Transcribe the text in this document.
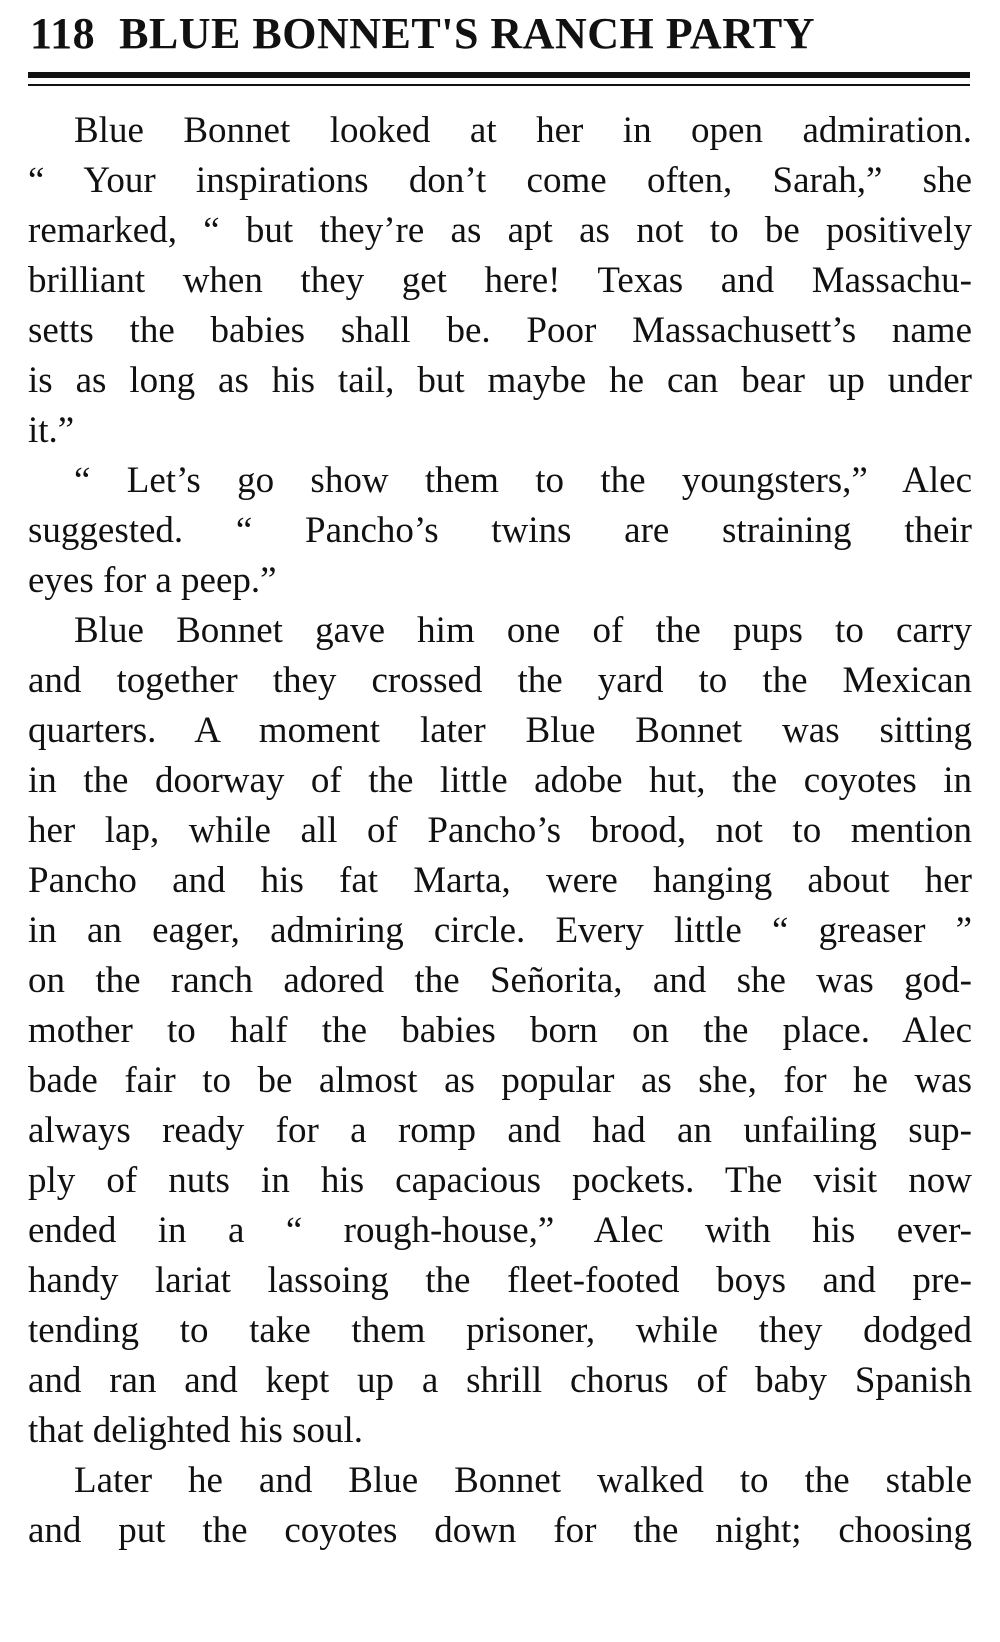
118 BLUE BONNET'S RANCH PARTY
Blue Bonnet looked at her in open admiration.
“ Your inspirations don’t come often, Sarah,” she
remarked, “ but they’re as apt as not to be positively
brilliant when they get here! Texas and Massachu-
setts the babies shall be. Poor Massachusett’s name
is as long as his tail, but maybe he can bear up under
it.”
“ Let’s go show them to the youngsters,” Alec
suggested. “ Pancho’s twins are straining their
eyes for a peep.”
Blue Bonnet gave him one of the pups to carry
and together they crossed the yard to the Mexican
quarters. A moment later Blue Bonnet was sitting
in the doorway of the little adobe hut, the coyotes in
her lap, while all of Pancho’s brood, not to mention
Pancho and his fat Marta, were hanging about her
in an eager, admiring circle. Every little “ greaser ”
on the ranch adored the Señorita, and she was god-
mother to half the babies born on the place. Alec
bade fair to be almost as popular as she, for he was
always ready for a romp and had an unfailing sup-
ply of nuts in his capacious pockets. The visit now
ended in a “ rough-house,” Alec with his ever-
handy lariat lassoing the fleet-footed boys and pre-
tending to take them prisoner, while they dodged
and ran and kept up a shrill chorus of baby Spanish
that delighted his soul.
Later he and Blue Bonnet walked to the stable
and put the coyotes down for the night; choosing
